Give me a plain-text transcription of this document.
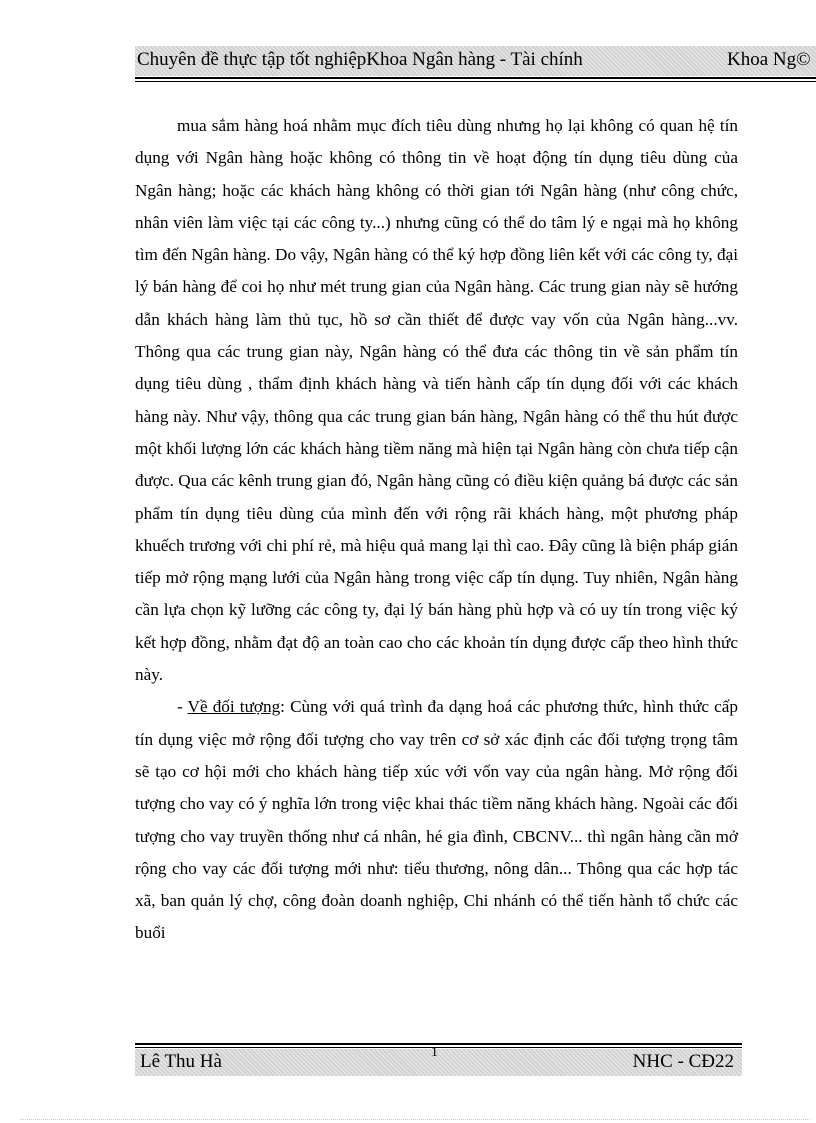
Chuyên đề thực tập tốt nghiệpKhoa Ngân hàng - Tài chính	Khoa Ng©

mua sắm hàng hoá nhằm mục đích tiêu dùng nhưng họ lại không có quan hệ tín dụng với Ngân hàng hoặc không có thông tin về hoạt động tín dụng tiêu dùng của Ngân hàng; hoặc các khách hàng không có thời gian tới Ngân hàng (như công chức, nhân viên làm việc tại các công ty...) nhưng cũng có thể do tâm lý e ngại mà họ không tìm đến Ngân hàng. Do vậy, Ngân hàng có thể ký hợp đồng liên kết với các công ty, đại lý bán hàng để coi họ như mét trung gian của Ngân hàng. Các trung gian này sẽ hướng dẫn khách hàng làm thủ tục, hồ sơ cần thiết để được vay vốn của Ngân hàng...vv. Thông qua các trung gian này, Ngân hàng có thể đưa các thông tin về sản phẩm tín dụng tiêu dùng , thẩm định khách hàng và tiến hành cấp tín dụng đối với các khách hàng này. Như vậy, thông qua các trung gian bán hàng, Ngân hàng có thể thu hút được một khối lượng lớn các khách hàng tiềm năng mà hiện tại Ngân hàng còn chưa tiếp cận được. Qua các kênh trung gian đó, Ngân hàng cũng có điều kiện quảng bá được các sản phẩm tín dụng tiêu dùng của mình đến với rộng rãi khách hàng, một phương pháp khuếch trương với chi phí rẻ, mà hiệu quả mang lại thì cao. Đây cũng là biện pháp gián tiếp mở rộng mạng lưới của Ngân hàng trong việc cấp tín dụng. Tuy nhiên, Ngân hàng cần lựa chọn kỹ lưỡng các công ty, đại lý bán hàng phù hợp và có uy tín trong việc ký kết hợp đồng, nhằm đạt độ an toàn cao cho các khoản tín dụng được cấp theo hình thức này.

- Về đối tượng: Cùng với quá trình đa dạng hoá các phương thức, hình thức cấp tín dụng việc mở rộng đối tượng cho vay trên cơ sở xác định các đối tượng trọng tâm sẽ tạo cơ hội mới cho khách hàng tiếp xúc với vốn vay của ngân hàng. Mở rộng đối tượng cho vay có ý nghĩa lớn trong việc khai thác tiềm năng khách hàng. Ngoài các đối tượng cho vay truyền thống như cá nhân, hé gia đình, CBCNV... thì ngân hàng cần mở rộng cho vay các đối tượng mới như: tiểu thương, nông dân... Thông qua các hợp tác xã, ban quản lý chợ, công đoàn doanh nghiệp, Chi nhánh có thể tiến hành tổ chức các buổi

Lê Thu Hà	1	NHC - CĐ22
